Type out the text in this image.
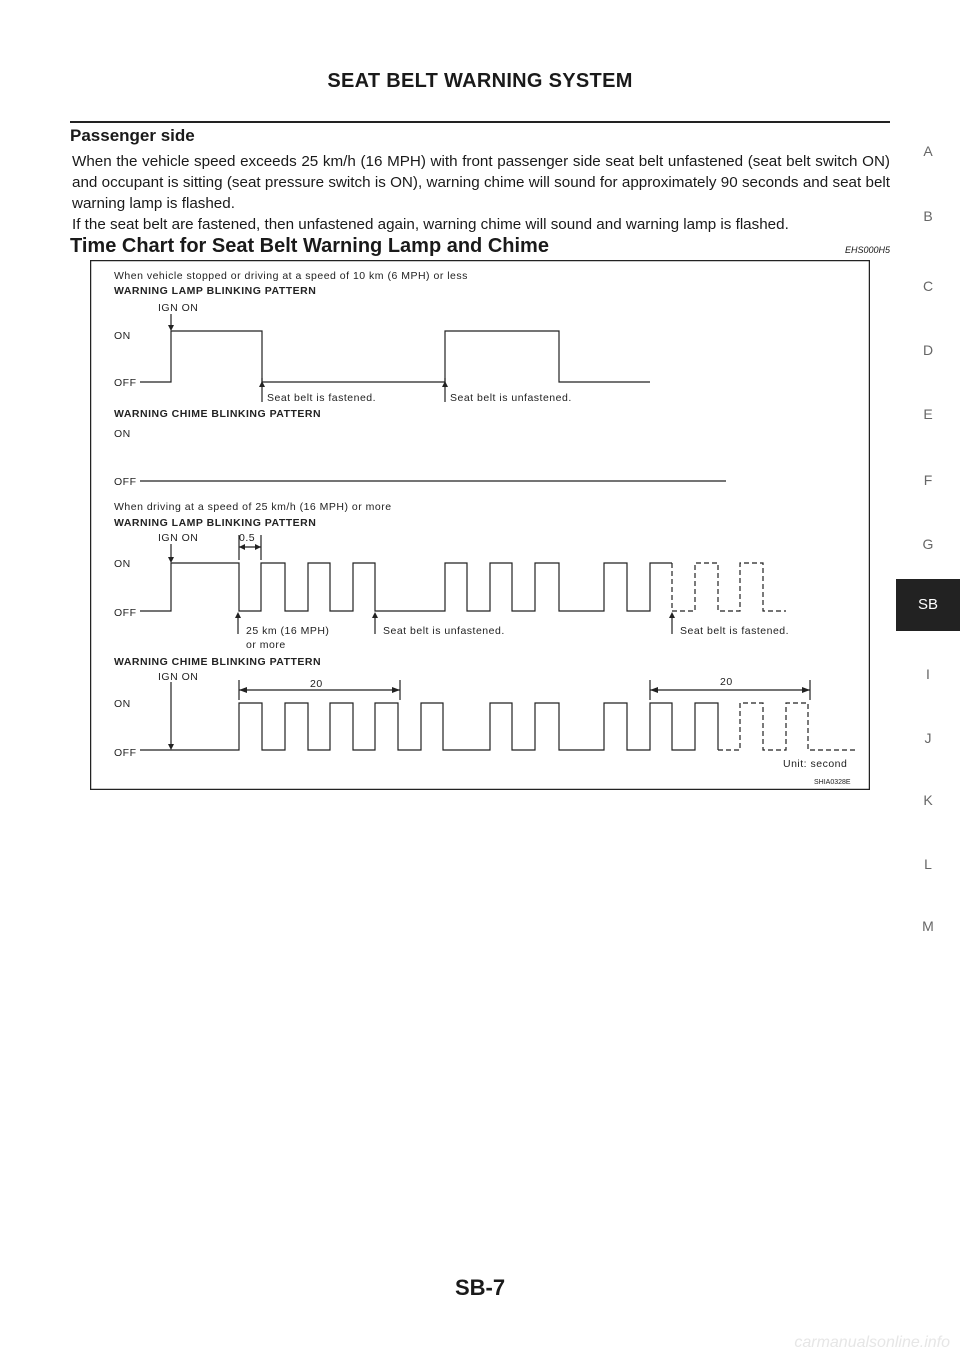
SEAT BELT WARNING SYSTEM
Passenger side

When the vehicle speed exceeds 25 km/h (16 MPH) with front passenger side seat belt unfastened (seat belt switch ON) and occupant is sitting (seat pressure switch is ON), warning chime will sound for approximately 90 seconds and seat belt warning lamp is flashed.

If the seat belt are fastened, then unfastened again, warning chime will sound and warning lamp is flashed.

Time Chart for Seat Belt Warning Lamp and Chime	EHS000H5
When vehicle stopped or driving at a speed of 10 km (6 MPH) or less
WARNING LAMP BLINKING PATTERN
IGN ON
ON
OFF
Seat belt is fastened.	Seat belt is unfastened.
WARNING CHIME BLINKING PATTERN
ON
OFF
When driving at a speed of 25 km/h (16 MPH) or more
WARNING LAMP BLINKING PATTERN
IGN ON	0.5
ON
OFF
25 km (16 MPH)
or more
Seat belt is unfastened.	Seat belt is fastened.
WARNING CHIME BLINKING PATTERN
IGN ON
20	20
ON
OFF
Unit: second
SHIA0328E
A
B
C
D
E
F
G
SB
I
J
K
L
M
SB-7
carmanualsonline.info
